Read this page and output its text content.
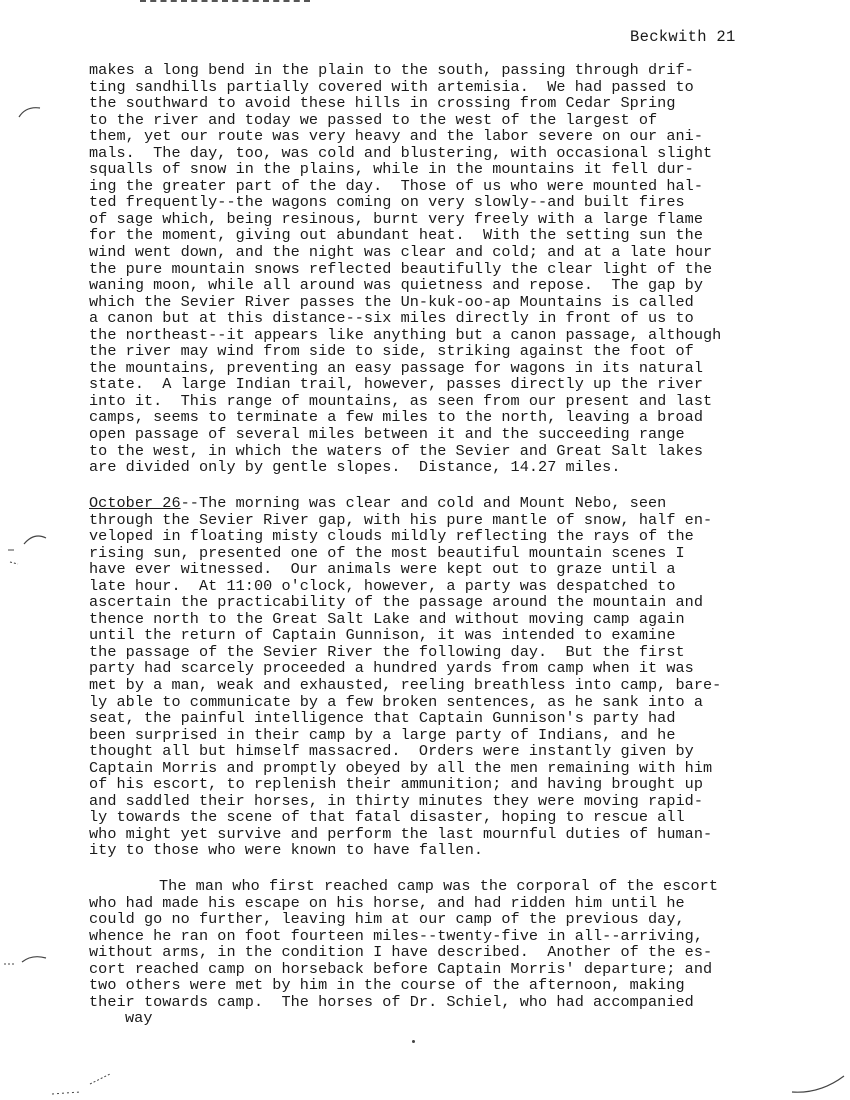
Beckwith 21
makes a long bend in the plain to the south, passing through drif-
ting sandhills partially covered with artemisia.  We had passed to
the southward to avoid these hills in crossing from Cedar Spring
to the river and today we passed to the west of the largest of
them, yet our route was very heavy and the labor severe on our ani-
mals.  The day, too, was cold and blustering, with occasional slight
squalls of snow in the plains, while in the mountains it fell dur-
ing the greater part of the day.  Those of us who were mounted hal-
ted frequently--the wagons coming on very slowly--and built fires
of sage which, being resinous, burnt very freely with a large flame
for the moment, giving out abundant heat.  With the setting sun the
wind went down, and the night was clear and cold; and at a late hour
the pure mountain snows reflected beautifully the clear light of the
waning moon, while all around was quietness and repose.  The gap by
which the Sevier River passes the Un-kuk-oo-ap Mountains is called
a canon but at this distance--six miles directly in front of us to
the northeast--it appears like anything but a canon passage, although
the river may wind from side to side, striking against the foot of
the mountains, preventing an easy passage for wagons in its natural
state.  A large Indian trail, however, passes directly up the river
into it.  This range of mountains, as seen from our present and last
camps, seems to terminate a few miles to the north, leaving a broad
open passage of several miles between it and the succeeding range
to the west, in which the waters of the Sevier and Great Salt lakes
are divided only by gentle slopes.  Distance, 14.27 miles.
October 26--The morning was clear and cold and Mount Nebo, seen
through the Sevier River gap, with his pure mantle of snow, half en-
veloped in floating misty clouds mildly reflecting the rays of the
rising sun, presented one of the most beautiful mountain scenes I
have ever witnessed.  Our animals were kept out to graze until a
late hour.  At 11:00 o'clock, however, a party was despatched to
ascertain the practicability of the passage around the mountain and
thence north to the Great Salt Lake and without moving camp again
until the return of Captain Gunnison, it was intended to examine
the passage of the Sevier River the following day.  But the first
party had scarcely proceeded a hundred yards from camp when it was
met by a man, weak and exhausted, reeling breathless into camp, bare-
ly able to communicate by a few broken sentences, as he sank into a
seat, the painful intelligence that Captain Gunnison's party had
been surprised in their camp by a large party of Indians, and he
thought all but himself massacred.  Orders were instantly given by
Captain Morris and promptly obeyed by all the men remaining with him
of his escort, to replenish their ammunition; and having brought up
and saddled their horses, in thirty minutes they were moving rapid-
ly towards the scene of that fatal disaster, hoping to rescue all
who might yet survive and perform the last mournful duties of human-
ity to those who were known to have fallen.
The man who first reached camp was the corporal of the escort
who had made his escape on his horse, and had ridden him until he
could go no further, leaving him at our camp of the previous day,
whence he ran on foot fourteen miles--twenty-five in all--arriving,
without arms, in the condition I have described.  Another of the es-
cort reached camp on horseback before Captain Morris' departure; and
two others were met by him in the course of the afternoon, making
their towards camp.  The horses of Dr. Schiel, who had accompanied
way
